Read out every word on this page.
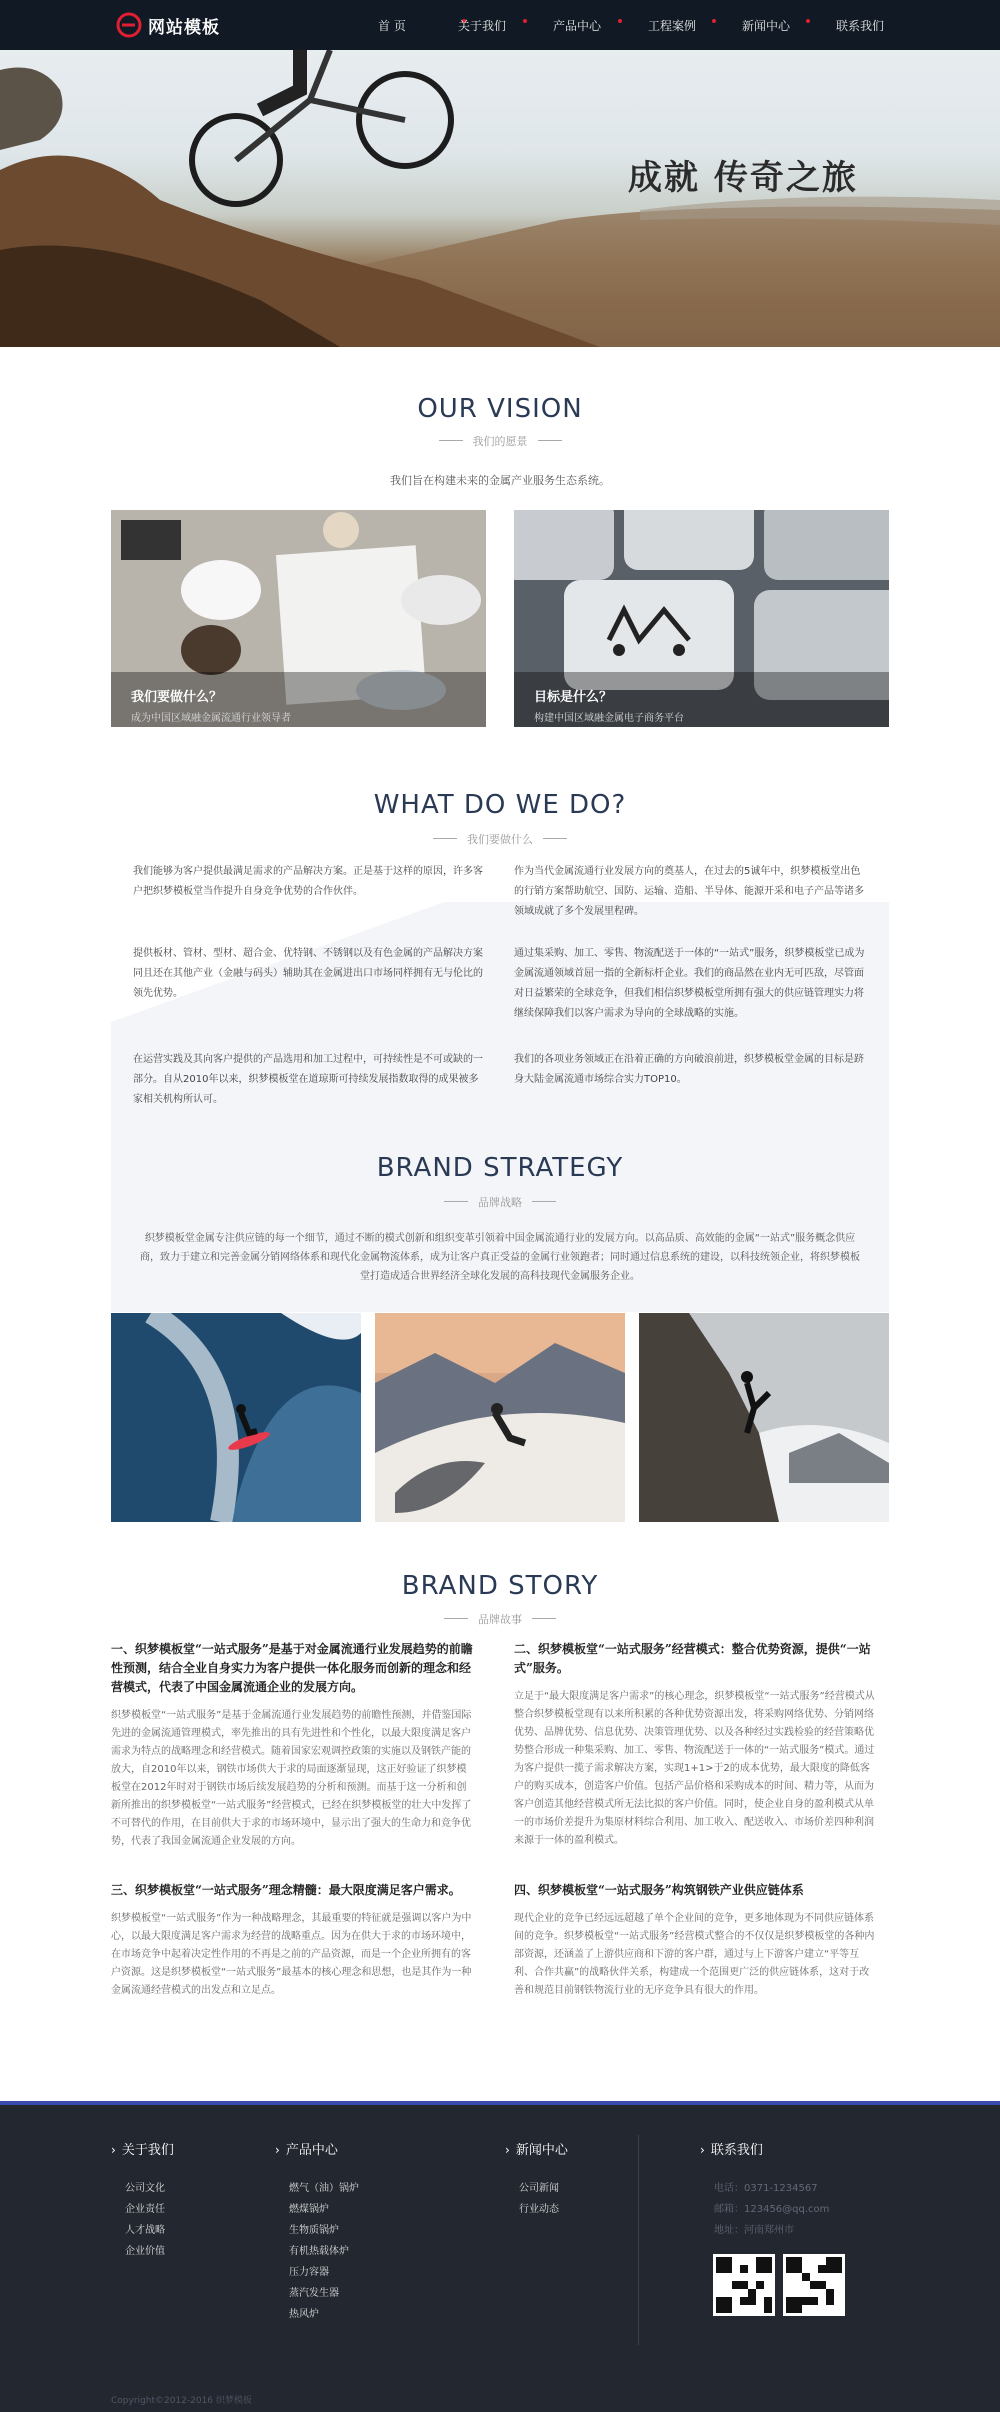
网站模板	首 页	关于我们	产品中心	工程案例	新闻中心	联系我们
成就 传奇之旅
OUR VISION
我们的愿景
我们旨在构建未来的金属产业服务生态系统。
我们要做什么？
成为中国区域融金属流通行业领导者
目标是什么？
构建中国区域融金属电子商务平台
WHAT DO WE DO?
我们要做什么
我们能够为客户提供最满足需求的产品解决方案。正是基于这样的原因，许多客户把织梦模板堂当作提升自身竞争优势的合作伙伴。
提供板材、管材、型材、超合金、优特钢、不锈钢以及有色金属的产品解决方案同且还在其他产业（金融与码头）辅助其在金属进出口市场同样拥有无与伦比的领先优势。
在运营实践及其向客户提供的产品选用和加工过程中，可持续性是不可或缺的一部分。自从2010年以来，织梦模板堂在道琼斯可持续发展指数取得的成果被多家相关机构所认可。
作为当代金属流通行业发展方向的奠基人，在过去的5诚年中，织梦模板堂出色的行销方案帮助航空、国防、运输、造船、半导体、能源开采和电子产品等诸多领域成就了多个发展里程碑。
通过集采购、加工、零售、物流配送于一体的“一站式”服务，织梦模板堂已成为金属流通领域首屈一指的全新标杆企业。我们的商品然在业内无可匹敌，尽管面对日益繁荣的全球竞争，但我们相信织梦模板堂所拥有强大的供应链管理实力将继续保障我们以客户需求为导向的全球战略的实施。
我们的各项业务领域正在沿着正确的方向破浪前进，织梦模板堂金属的目标是跻身大陆金属流通市场综合实力TOP10。
BRAND STRATEGY
品牌战略
织梦模板堂金属专注供应链的每一个细节，通过不断的模式创新和组织变革引领着中国金属流通行业的发展方向。以高品质、高效能的金属“一站式”服务概念供应商，致力于建立和完善金属分销网络体系和现代化金属物流体系，成为让客户真正受益的金属行业领跑者；同时通过信息系统的建设，以科技统领企业，将织梦模板堂打造成适合世界经济全球化发展的高科技现代金属服务企业。
BRAND STORY
品牌故事
一、织梦模板堂“一站式服务”是基于对金属流通行业发展趋势的前瞻性预测，结合全业自身实力为客户提供一体化服务而创新的理念和经营模式，代表了中国金属流通企业的发展方向。
织梦模板堂“一站式服务”是基于金属流通行业发展趋势的前瞻性预测，并借鉴国际先进的金属流通管理模式，率先推出的具有先进性和个性化，以最大限度满足客户需求为特点的战略理念和经营模式。随着国家宏观调控政策的实施以及钢铁产能的放大，自2010年以来，钢铁市场供大于求的局面逐渐显现，这正好验证了织梦模板堂在2012年时对于钢铁市场后续发展趋势的分析和预测。而基于这一分析和创新所推出的织梦模板堂“一站式服务”经营模式，已经在织梦模板堂的壮大中发挥了不可替代的作用，在目前供大于求的市场环境中，显示出了强大的生命力和竞争优势，代表了我国金属流通企业发展的方向。
二、织梦模板堂“一站式服务”经营模式：整合优势资源，提供“一站式”服务。
立足于“最大限度满足客户需求”的核心理念，织梦模板堂“一站式服务”经营模式从整合织梦模板堂现有以来所积累的各种优势资源出发，将采购网络优势、分销网络优势、品牌优势、信息优势、决策管理优势、以及各种经过实践检验的经营策略优势整合形成一种集采购、加工、零售、物流配送于一体的“一站式服务”模式。通过为客户提供一揽子需求解决方案，实现1+1>于2的成本优势，最大限度的降低客户的购买成本，创造客户价值。包括产品价格和采购成本的时间、精力等，从而为客户创造其他经营模式所无法比拟的客户价值。同时，使企业自身的盈利模式从单一的市场价差提升为集原材料综合利用、加工收入、配送收入、市场价差四种利润来源于一体的盈利模式。
三、织梦模板堂“一站式服务”理念精髓：最大限度满足客户需求。
织梦模板堂“一站式服务”作为一种战略理念，其最重要的特征就是强调以客户为中心，以最大限度满足客户需求为经营的战略重点。因为在供大于求的市场环境中，在市场竞争中起着决定性作用的不再是之前的产品资源，而是一个企业所拥有的客户资源。这是织梦模板堂“一站式服务”最基本的核心理念和思想，也是其作为一种金属流通经营模式的出发点和立足点。
四、织梦模板堂“一站式服务”构筑钢铁产业供应链体系
现代企业的竞争已经远远超越了单个企业间的竞争，更多地体现为不同供应链体系间的竞争。织梦模板堂“一站式服务”经营模式整合的不仅仅是织梦模板堂的各种内部资源，还涵盖了上游供应商和下游的客户群，通过与上下游客户建立“平等互利、合作共赢”的战略伙伴关系，构建成一个范围更广泛的供应链体系，这对于改善和规范目前钢铁物流行业的无序竞争具有很大的作用。
› 关于我们
公司文化
企业责任
人才战略
企业价值
› 产品中心
燃气（油）锅炉
燃煤锅炉
生物质锅炉
有机热载体炉
压力容器
蒸汽发生器
热风炉
› 新闻中心
公司新闻
行业动态
› 联系我们
电话：0371-1234567
邮箱：123456@qq.com
地址：河南郑州市
Copyright©2012-2016 织梦模板
